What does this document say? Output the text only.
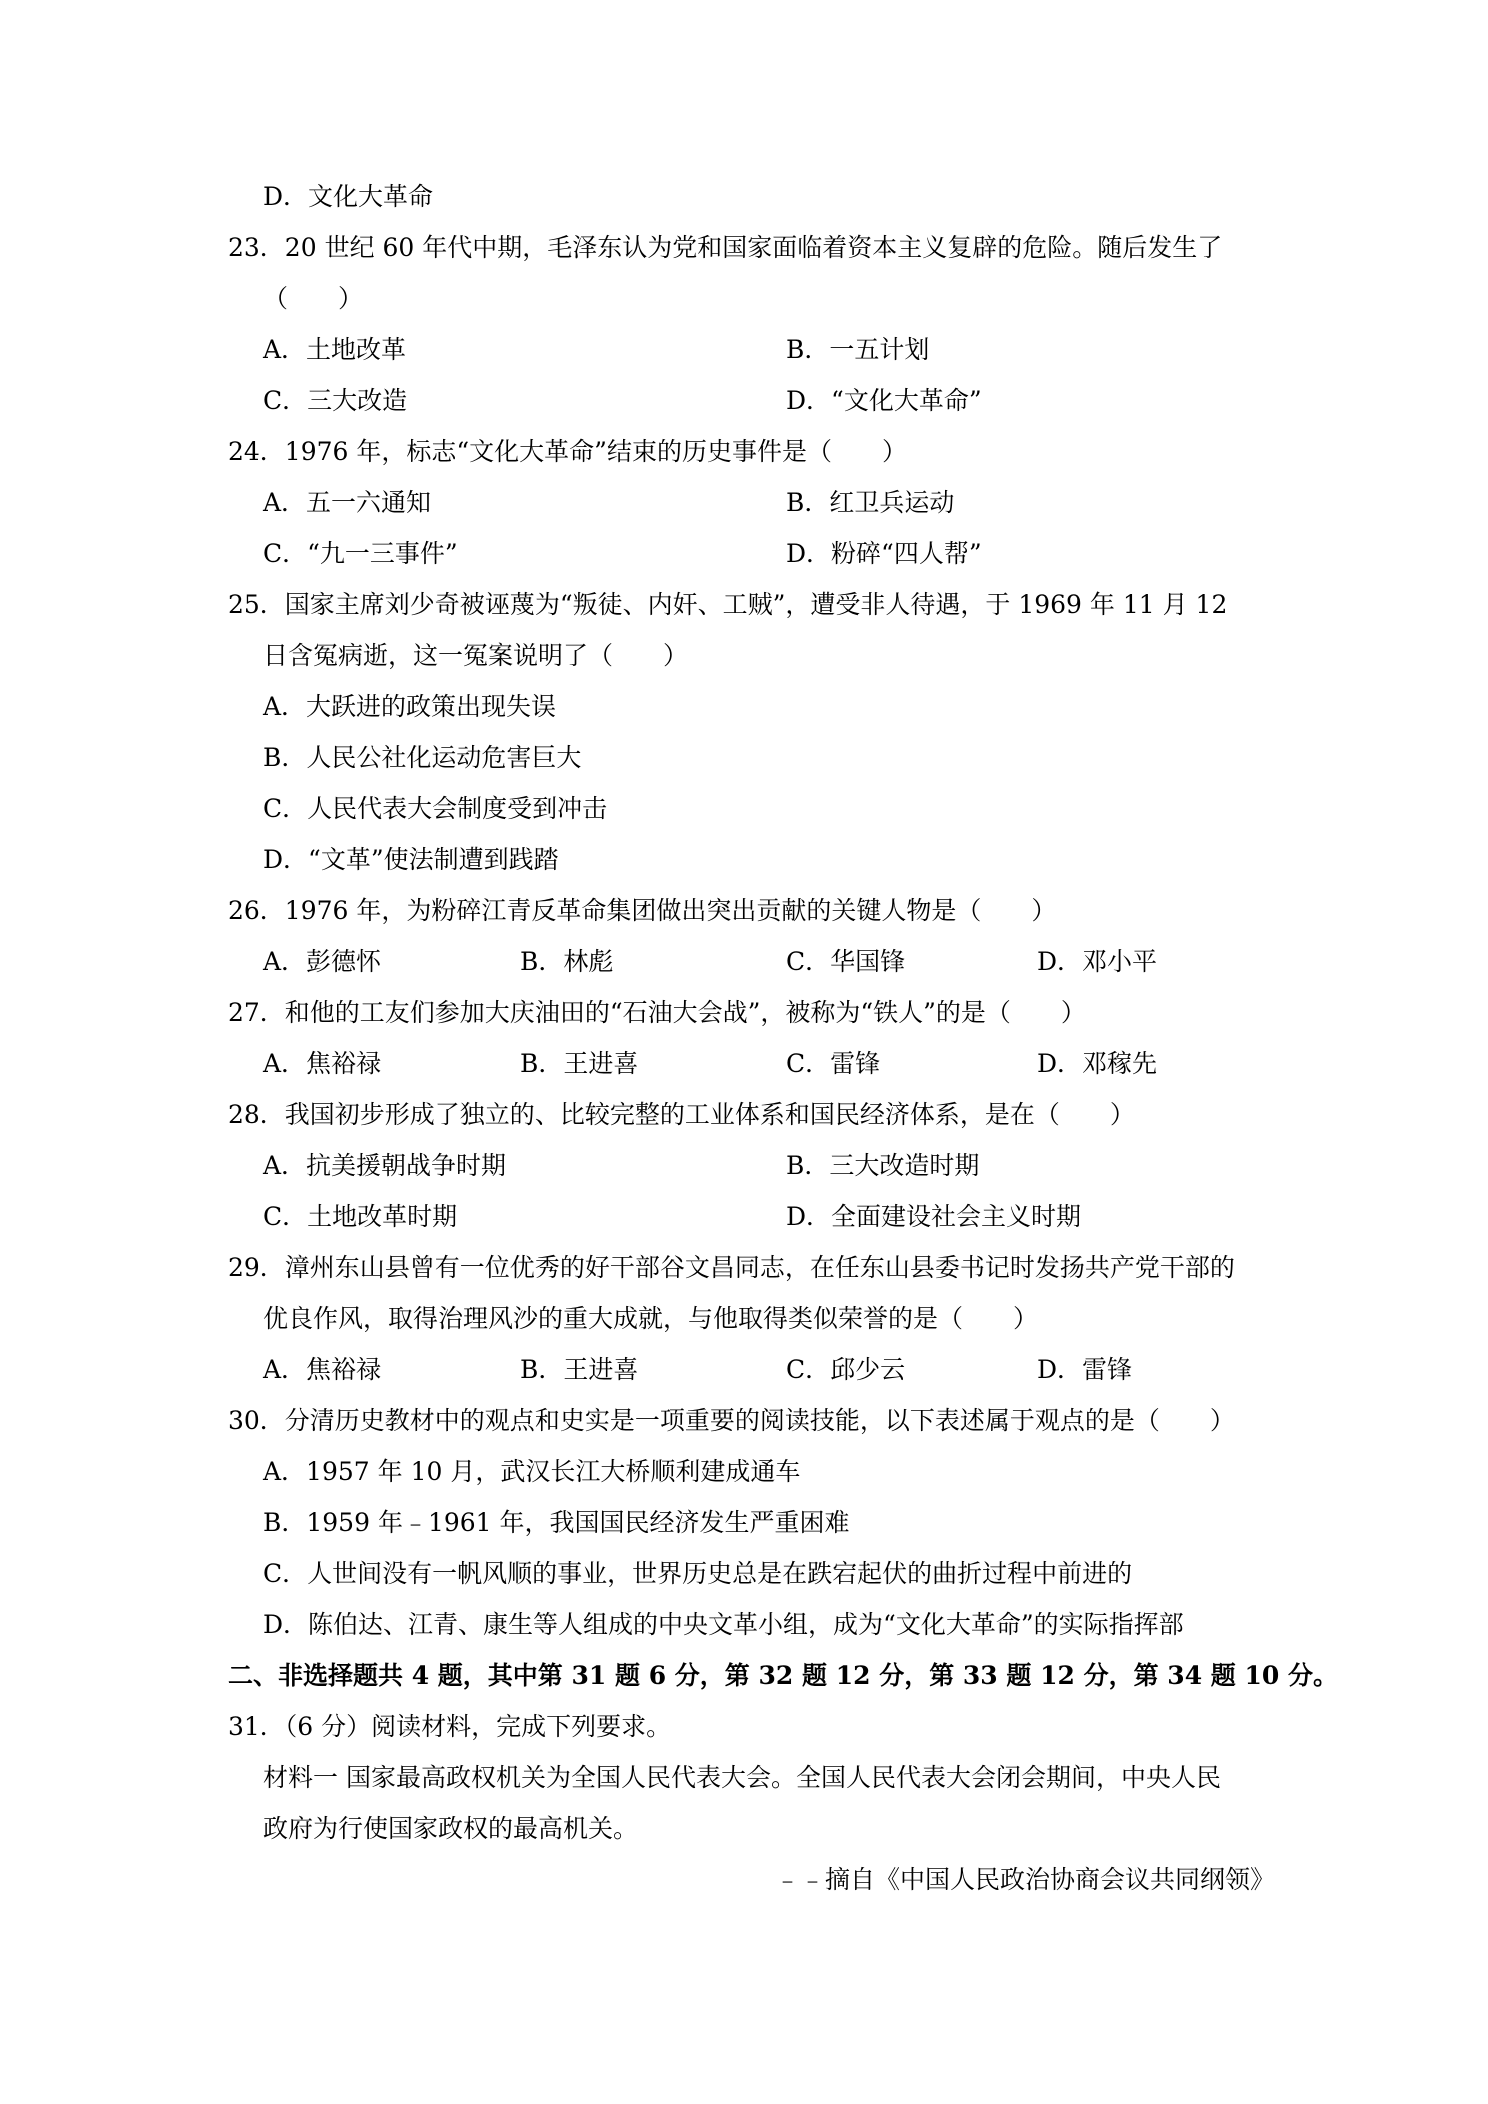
D．文化大革命
23．20 世纪 60 年代中期，毛泽东认为党和国家面临着资本主义复辟的危险。随后发生了
（　　）
A．土地改革	B．一五计划
C．三大改造	D．“文化大革命”
24．1976 年，标志“文化大革命”结束的历史事件是（　　）
A．五一六通知	B．红卫兵运动
C．“九一三事件”	D．粉碎“四人帮”
25．国家主席刘少奇被诬蔑为“叛徒、内奸、工贼”，遭受非人待遇，于 1969 年 11 月 12
日含冤病逝，这一冤案说明了（　　）
A．大跃进的政策出现失误
B．人民公社化运动危害巨大
C．人民代表大会制度受到冲击
D．“文革”使法制遭到践踏
26．1976 年，为粉碎江青反革命集团做出突出贡献的关键人物是（　　）
A．彭德怀	B．林彪	C．华国锋	D．邓小平
27．和他的工友们参加大庆油田的“石油大会战”，被称为“铁人”的是（　　）
A．焦裕禄	B．王进喜	C．雷锋	D．邓稼先
28．我国初步形成了独立的、比较完整的工业体系和国民经济体系，是在（　　）
A．抗美援朝战争时期	B．三大改造时期
C．土地改革时期	D．全面建设社会主义时期
29．漳州东山县曾有一位优秀的好干部谷文昌同志，在任东山县委书记时发扬共产党干部的
优良作风，取得治理风沙的重大成就，与他取得类似荣誉的是（　　）
A．焦裕禄	B．王进喜	C．邱少云	D．雷锋
30．分清历史教材中的观点和史实是一项重要的阅读技能，以下表述属于观点的是（　　）
A．1957 年 10 月，武汉长江大桥顺利建成通车
B．1959 年﹣1961 年，我国国民经济发生严重困难
C．人世间没有一帆风顺的事业，世界历史总是在跌宕起伏的曲折过程中前进的
D．陈伯达、江青、康生等人组成的中央文革小组，成为“文化大革命”的实际指挥部
二、非选择题共 4 题，其中第 31 题 6 分，第 32 题 12 分，第 33 题 12 分，第 34 题 10 分。
31．（6 分）阅读材料，完成下列要求。
材料一 国家最高政权机关为全国人民代表大会。全国人民代表大会闭会期间，中央人民
政府为行使国家政权的最高机关。
﹣﹣摘自《中国人民政治协商会议共同纲领》
